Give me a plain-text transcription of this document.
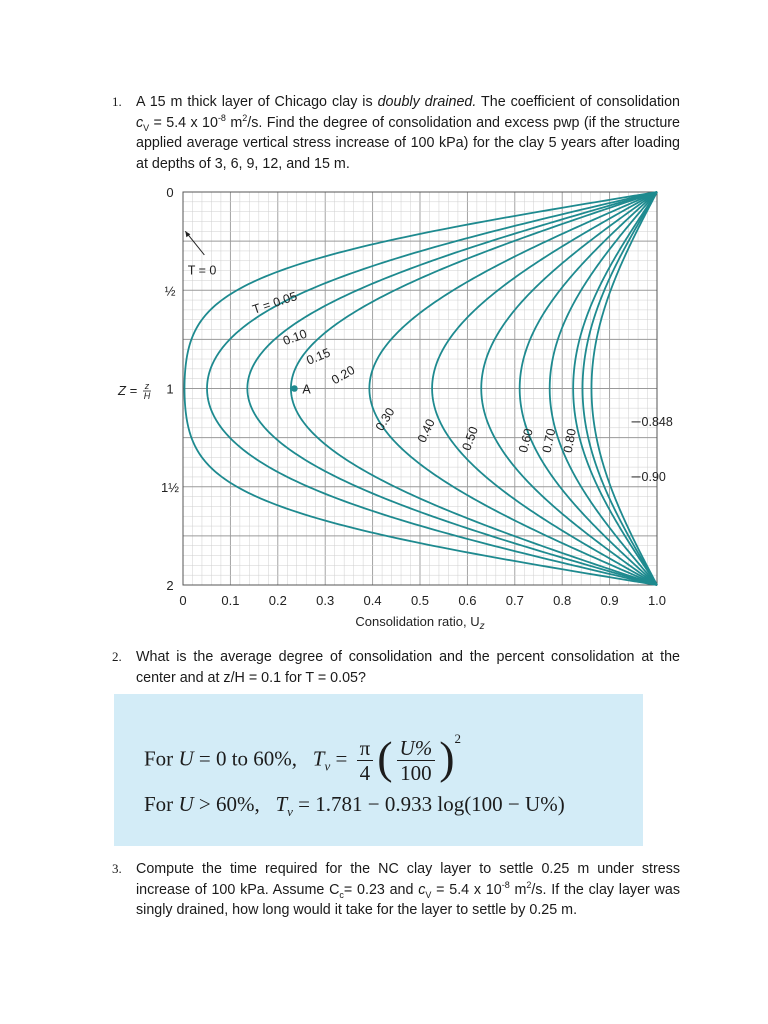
1. A 15 m thick layer of Chicago clay is doubly drained. The coefficient of consolidation $c_V = 5.4$ x $10^{-8}$ $m^2/s$. Find the degree of consolidation and excess pwp (if the structure applied average vertical stress increase of 100 kPa) for the clay 5 years after loading at depths of 3, 6, 9, 12, and 15 m.
0	0.1 0.2 0.3 0.4 0.5 0.6 0.7 0.8 0.9 1.0
0
½
1
1½
2
T = 0.05
0.10
0.15
0.20
0.30 0.40 0.50	0.60 0.70 0.80
0.848
0.90
T = 0
A
Consolidation ratio, $U_z$
Z = z
H
2. What is the average degree of consolidation and the percent consolidation at the center and at z/H = 0.1 for T = 0.05?
For U = 0 to 60%,   $T_v = \frac{\pi}{4}$ ( $\frac{U\%}{100} )^2$
For U > 60%,   $T_v = 1.781 - 0.933$ log(100 − U%)
3. Compute the time required for the NC clay layer to settle 0.25 m under stress increase of 100 kPa. Assume $C_c= 0.23$ and $c_V = 5.4$ x $10^{-8}$ $m^2/s$. If the clay layer was singly drained, how long would it take for the layer to settle by 0.25 m.
